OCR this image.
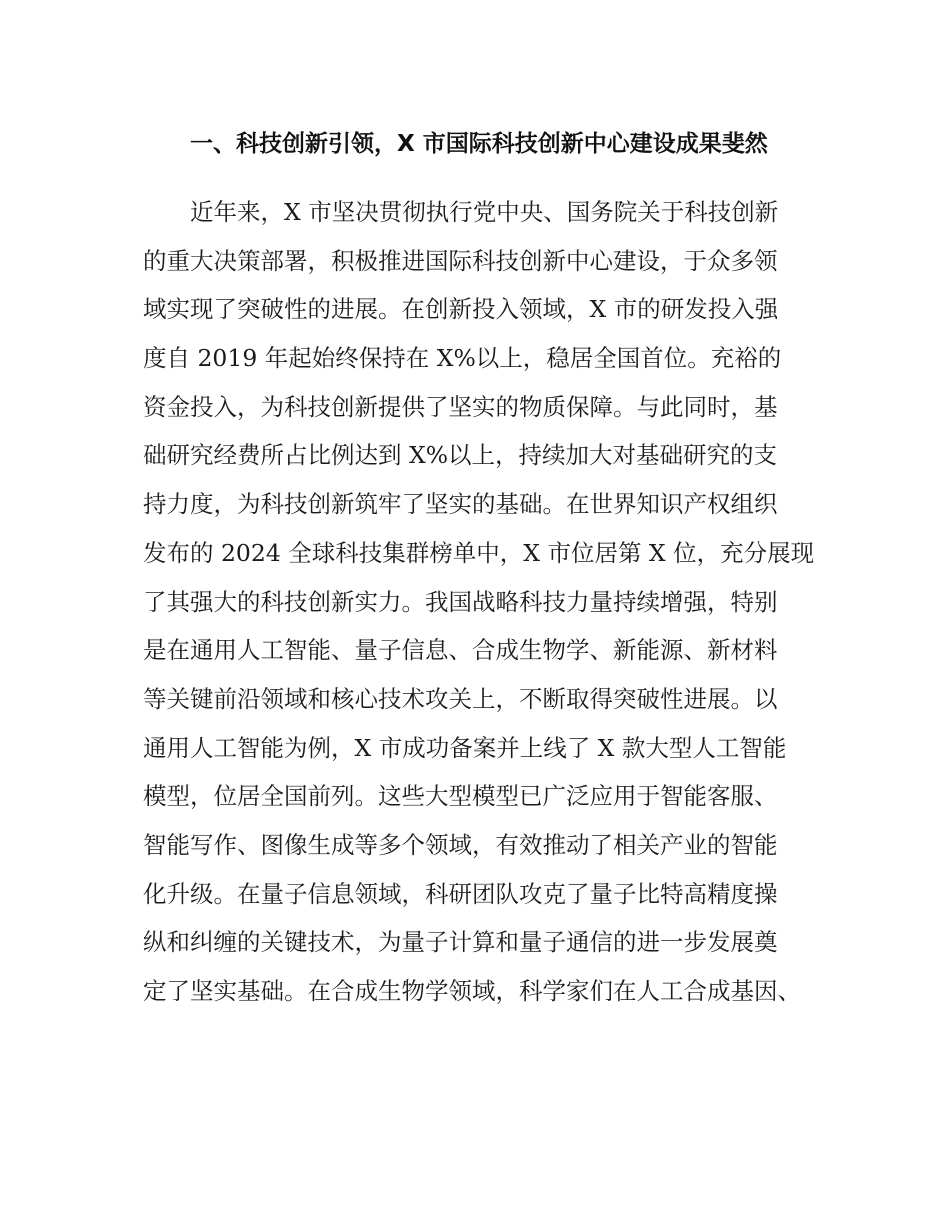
一、科技创新引领，X 市国际科技创新中心建设成果斐然
近年来，X 市坚决贯彻执行党中央、国务院关于科技创新
的重大决策部署，积极推进国际科技创新中心建设，于众多领
域实现了突破性的进展。在创新投入领域，X 市的研发投入强
度自 2019 年起始终保持在 X%以上，稳居全国首位。充裕的
资金投入，为科技创新提供了坚实的物质保障。与此同时，基
础研究经费所占比例达到 X%以上，持续加大对基础研究的支
持力度，为科技创新筑牢了坚实的基础。在世界知识产权组织
发布的 2024 全球科技集群榜单中，X 市位居第 X 位，充分展现
了其强大的科技创新实力。我国战略科技力量持续增强，特别
是在通用人工智能、量子信息、合成生物学、新能源、新材料
等关键前沿领域和核心技术攻关上，不断取得突破性进展。以
通用人工智能为例，X 市成功备案并上线了 X 款大型人工智能
模型，位居全国前列。这些大型模型已广泛应用于智能客服、
智能写作、图像生成等多个领域，有效推动了相关产业的智能
化升级。在量子信息领域，科研团队攻克了量子比特高精度操
纵和纠缠的关键技术，为量子计算和量子通信的进一步发展奠
定了坚实基础。在合成生物学领域，科学家们在人工合成基因、
